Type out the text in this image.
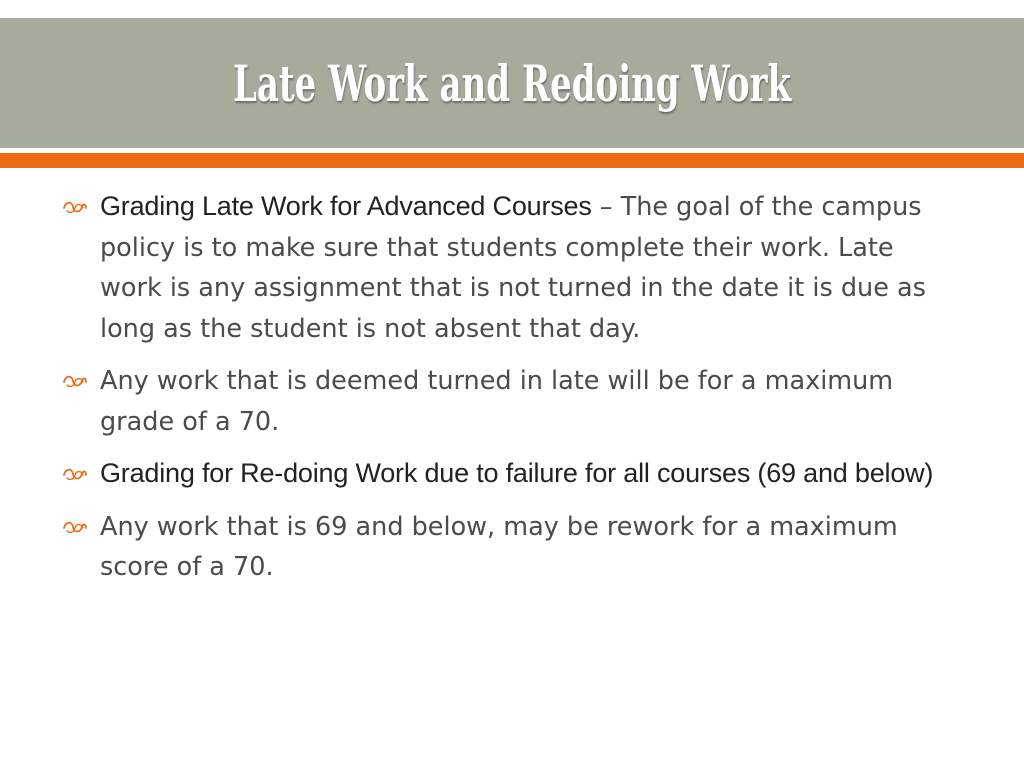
Late Work and Redoing Work
Grading Late Work for Advanced Courses – The goal of the campus policy is to make sure that students complete their work. Late work is any assignment that is not turned in the date it is due as long as the student is not absent that day.
Any work that is deemed turned in late will be for a maximum grade of a 70.
Grading for Re-doing Work due to failure for all courses (69 and below)
Any work that is 69 and below, may be rework for a maximum score of a 70.
